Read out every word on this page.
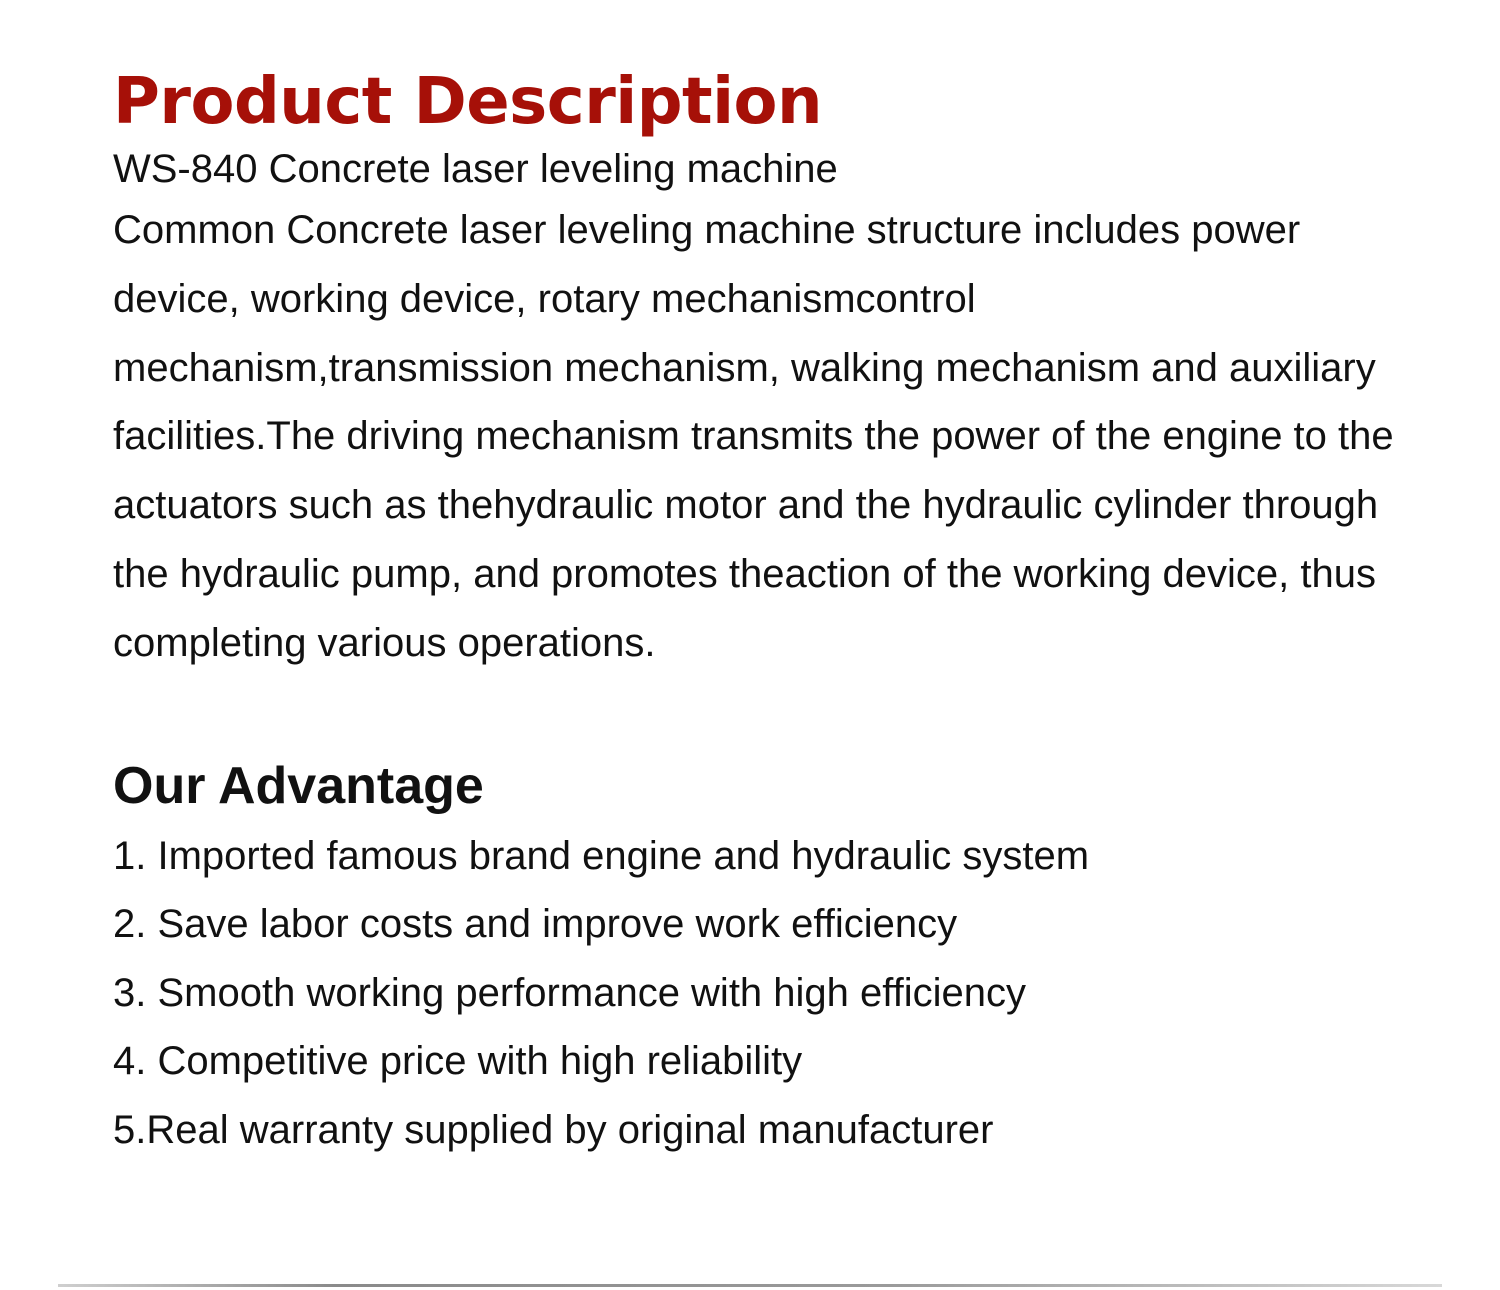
Product Description

WS-840 Concrete laser leveling machine

Common Concrete laser leveling machine structure includes power device, working device, rotary mechanismcontrol mechanism,transmission mechanism, walking mechanism and auxiliary facilities.The driving mechanism transmits the power of the engine to the actuators such as thehydraulic motor and the hydraulic cylinder through the hydraulic pump, and promotes theaction of the working device, thus completing various operations.

Our Advantage
1. Imported famous brand engine and hydraulic system
2. Save labor costs and improve work efficiency
3. Smooth working performance with high efficiency
4. Competitive price with high reliability
5.Real warranty supplied by original manufacturer
